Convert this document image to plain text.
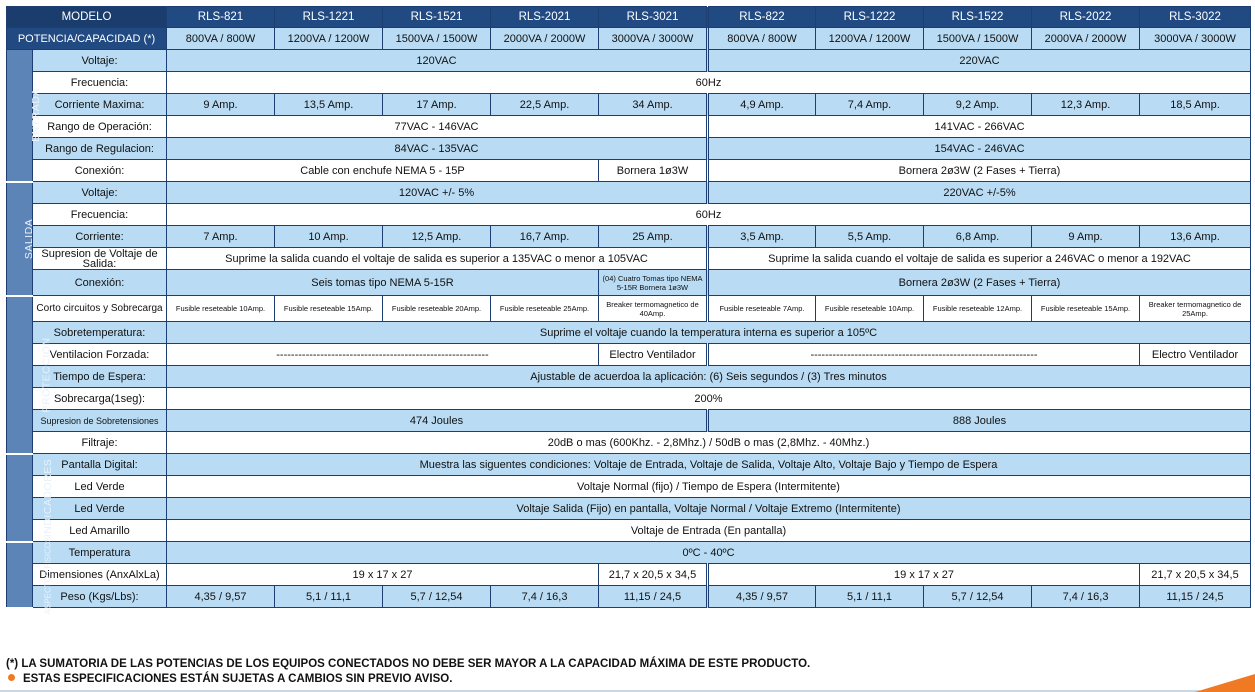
MODELO		RLS-821	RLS-1221	RLS-1521	RLS-2021	RLS-3021	RLS-822	RLS-1222	RLS-1522	RLS-2022	RLS-3022
POTENCIA/CAPACIDAD (*)		800VA / 800W	1200VA / 1200W	1500VA / 1500W	2000VA / 2000W	3000VA / 3000W	800VA / 800W	1200VA / 1200W	1500VA / 1500W	2000VA / 2000W	3000VA / 3000W
ENTRADA	Voltaje:	120VAC					220VAC				
	Frecuencia:	60Hz									
	Corriente Maxima:	9 Amp.	13,5 Amp.	17 Amp.	22,5 Amp.	34 Amp.	4,9 Amp.	7,4 Amp.	9,2 Amp.	12,3 Amp.	18,5 Amp.
	Rango de Operación:	77VAC - 146VAC					141VAC - 266VAC				
	Rango de Regulacion:	84VAC - 135VAC					154VAC - 246VAC				
	Conexión:	Cable con enchufe NEMA 5 - 15P				Bornera 1ø3W	Bornera 2ø3W (2 Fases + Tierra)				
SALIDA	Voltaje:	120VAC +/- 5%					220VAC +/-5%				
	Frecuencia:	60Hz									
	Corriente:	7 Amp.	10 Amp.	12,5 Amp.	16,7 Amp.	25 Amp.	3,5 Amp.	5,5 Amp.	6,8 Amp.	9 Amp.	13,6 Amp.
	Supresion de Voltaje de Salida:	Suprime la salida cuando el voltaje de salida es superior a 135VAC o menor a 105VAC					Suprime la salida cuando el voltaje de salida es superior a 246VAC o menor a 192VAC				
	Conexión:	Seis tomas tipo NEMA 5-15R				(04) Cuatro Tomas tipo NEMA 5-15R Bornera 1ø3W	Bornera 2ø3W (2 Fases + Tierra)				
PROTECCION	Corto circuitos y Sobrecarga	Fusible reseteable 10Amp.	Fusible reseteable 15Amp.	Fusible reseteable 20Amp.	Fusible reseteable 25Amp.	Breaker termomagnetico de 40Amp.	Fusible reseteable 7Amp.	Fusible reseteable 10Amp.	Fusible reseteable 12Amp.	Fusible reseteable 15Amp.	Breaker termomagnetico de 25Amp.
	Sobretemperatura:	Suprime el voltaje cuando la temperatura interna es superior a 105ºC									
	Ventilacion Forzada:	----------------------------------------------------------				Electro Ventilador	--------------------------------------------------------------				Electro Ventilador
	Tiempo de Espera:	Ajustable de acuerdoa la aplicación: (6) Seis segundos / (3) Tres minutos									
	Sobrecarga(1seg):	200%									
	Supresion de Sobretensiones	474 Joules					888 Joules				
	Filtraje:	20dB o mas (600Khz. - 2,8Mhz.) / 50dB o mas (2,8Mhz. - 40Mhz.)									
INDICADORES	Pantalla Digital:	Muestra las siguentes condiciones: Voltaje de Entrada, Voltaje de Salida, Voltaje Alto, Voltaje Bajo y Tiempo de Espera									
	Led Verde	Voltaje Normal (fijo) / Tiempo de Espera (Intermitente)									
	Led Verde	Voltaje Salida (Fijo) en pantalla, Voltaje Normal / Voltaje Extremo (Intermitente)									
	Led Amarillo	Voltaje de Entrada (En pantalla)									
ASPECTOS FISICOS	Temperatura	0ºC - 40ºC									
	Dimensiones (AnxAlxLa)	19 x 17 x 27				21,7 x 20,5 x 34,5	19 x 17 x 27				21,7 x 20,5 x 34,5
	Peso (Kgs/Lbs):	4,35 / 9,57	5,1 / 11,1	5,7 / 12,54	7,4 / 16,3	11,15 / 24,5	4,35 / 9,57	5,1 / 11,1	5,7 / 12,54	7,4 / 16,3	11,15 / 24,5
(*) LA SUMATORIA DE LAS POTENCIAS DE LOS EQUIPOS CONECTADOS NO DEBE SER MAYOR A LA CAPACIDAD MÁXIMA DE ESTE PRODUCTO.
ESTAS ESPECIFICACIONES ESTÁN SUJETAS A CAMBIOS SIN PREVIO AVISO.
